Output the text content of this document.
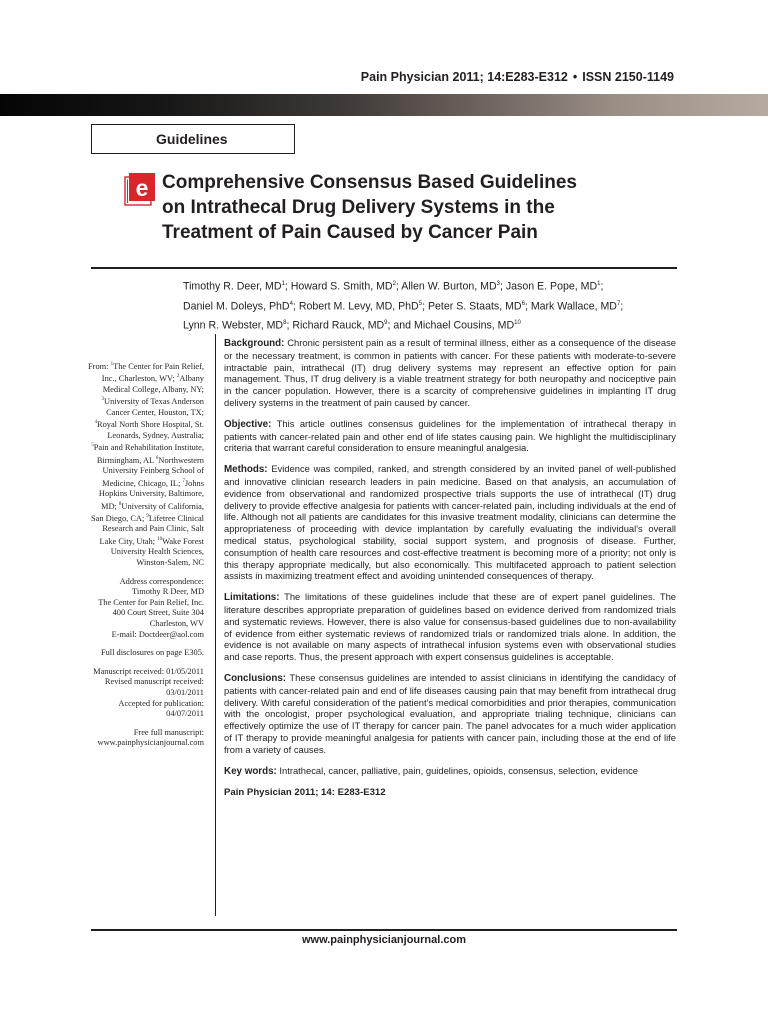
Pain Physician 2011; 14:E283-E312 • ISSN 2150-1149
Guidelines
e Comprehensive Consensus Based Guidelines
on Intrathecal Drug Delivery Systems in the
Treatment of Pain Caused by Cancer Pain
Timothy R. Deer, $MD^1$; Howard S. Smith, $MD^2$; Allen W. Burton, $MD^3$; Jason E. Pope, $MD^1$;
Daniel M. Doleys, PhD$^4$; Robert M. Levy, MD, PhD$^5$; Peter S. Staats, $MD^6$; Mark Wallace, $MD^7$;
Lynn R. Webster, $MD^8$; Richard Rauck, $MD^9$; and Michael Cousins, MD$^{10}$

From: $^1$The Center for Pain Relief, Inc., Charleston, WV; $^2$Albany Medical College, Albany, NY; $^3$University of Texas Anderson Cancer Center, Houston, TX; $^4$Royal North Shore Hospital, St. Leonards, Sydney, Australia; $^5$Pain and Rehabilitation Institute, Birmingham, AL $^6$Northwestern University Feinberg School of Medicine, Chicago, IL; $^7$Johns Hopkins University, Baltimore, MD; $^8$University of California, San Diego, CA; $^9$Lifetree Clinical Research and Pain Clinic, Salt Lake City, Utah; $^{10}$Wake Forest University Health Sciences, Winston-Salem, NC

Address correspondence:
Timothy R Deer, MD
The Center for Pain Relief, Inc.
400 Court Street, Suite 304
Charleston, WV
E-mail: Doctdeer@aol.com

Full disclosures on page E305.

Manuscript received: 01/05/2011
Revised manuscript received: 03/01/2011
Accepted for publication: 04/07/2011

Free full manuscript: www.painphysicianjournal.com

Background: Chronic persistent pain as a result of terminal illness, either as a consequence of the disease or the necessary treatment, is common in patients with cancer. For these patients with moderate-to-severe intractable pain, intrathecal (IT) drug delivery systems may represent an effective option for pain management. Thus, IT drug delivery is a viable treatment strategy for both neuropathy and nociceptive pain in the cancer population. However, there is a scarcity of comprehensive guidelines in implanting IT drug delivery systems in the treatment of pain caused by cancer.

Objective: This article outlines consensus guidelines for the implementation of intrathecal therapy in patients with cancer-related pain and other end of life states causing pain. We highlight the multidisciplinary criteria that warrant careful consideration to ensure meaningful analgesia.

Methods: Evidence was compiled, ranked, and strength considered by an invited panel of well-published and innovative clinician research leaders in pain medicine. Based on that analysis, an accumulation of evidence from observational and randomized prospective trials supports the use of intrathecal (IT) drug delivery to provide effective analgesia for patients with cancer-related pain, including individuals at the end of life. Although not all patients are candidates for this invasive treatment modality, clinicians can determine the appropriateness of proceeding with device implantation by carefully evaluating the individual's overall medical status, psychological stability, social support system, and prognosis of disease. Further, consumption of health care resources and cost-effective treatment is becoming more of a priority; not only is this therapy appropriate medically, but also economically. This multifaceted approach to patient selection assists in maximizing treatment effect and avoiding unintended consequences of therapy.

Limitations: The limitations of these guidelines include that these are of expert panel guidelines. The literature describes appropriate preparation of guidelines based on evidence derived from randomized trials and systematic reviews. However, there is also value for consensus-based guidelines due to non-availability of evidence from either systematic reviews of randomized trials or randomized trials alone. In addition, the evidence is not available on many aspects of intrathecal infusion systems even with observational studies and case reports. Thus, the present approach with expert consensus guidelines is acceptable.

Conclusions: These consensus guidelines are intended to assist clinicians in identifying the candidacy of patients with cancer-related pain and end of life diseases causing pain that may benefit from intrathecal drug delivery. With careful consideration of the patient's medical comorbidities and prior therapies, communication with the oncologist, proper psychological evaluation, and appropriate trialing technique, clinicians can effectively optimize the use of IT therapy for cancer pain. The panel advocates for a much wider application of IT therapy to provide meaningful analgesia for patients with cancer pain, including those at the end of life from a variety of causes.

Key words: Intrathecal, cancer, palliative, pain, guidelines, opioids, consensus, selection, evidence

Pain Physician 2011; 14: E283-E312

www.painphysicianjournal.com
